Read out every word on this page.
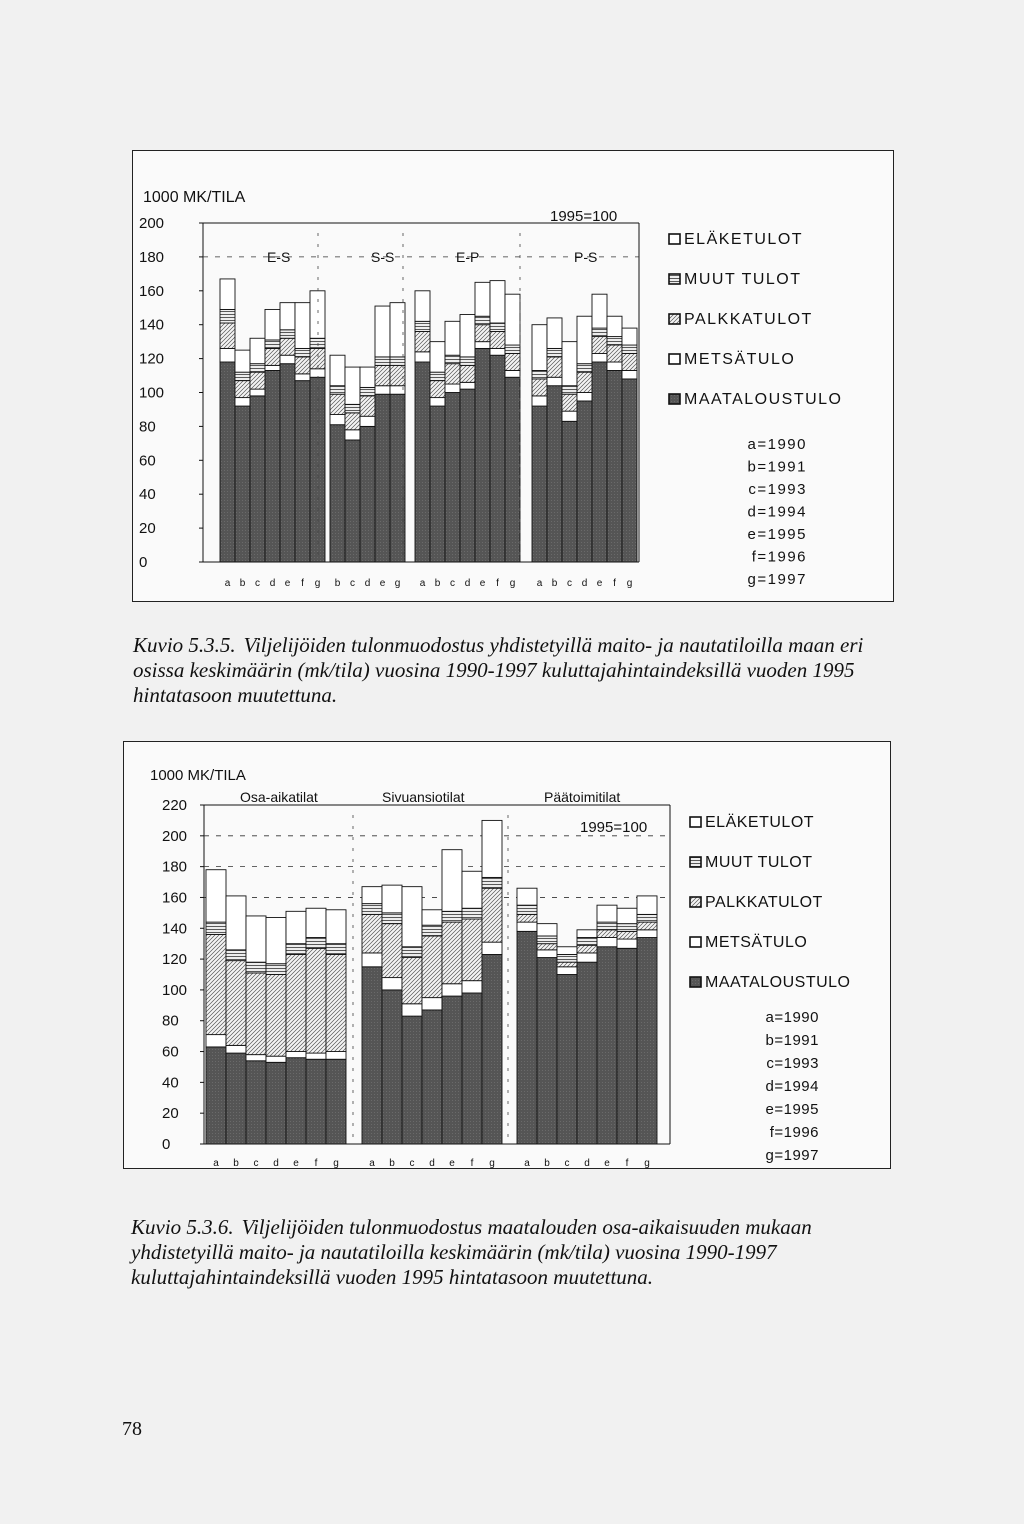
1000 MK/TILA
0
20
40
60
80
100
120
140
160
180
200
E-S
a b c d e f g
S-S
b c d e g
E-P
a b c d e f g
P-S
a b c d e f g
1995=100
ELÄKETULOT
MUUT TULOT
PALKKATULOT
METSÄTULO
MAATALOUSTULO
a=1990
b=1991
c=1993
d=1994
e=1995
f=1996
g=1997
Kuvio 5.3.5. Viljelijöiden tulonmuodostus yhdistetyillä maito- ja nautatiloilla maan eri osissa keskimäärin (mk/tila) vuosina 1990-1997 kuluttajahintaindeksillä vuoden 1995 hintatasoon muutettuna.
1000 MK/TILA
0
20
40
60
80
100
120
140
160
180
200
220	Osa-aikatilat
a b c d e f g
Sivuansiotilat
a b c d e f g
Päätoimitilat
a b c d e f g
1995=100	ELÄKETULOT
MUUT TULOT
PALKKATULOT
METSÄTULO
MAATALOUSTULO
a=1990
b=1991
c=1993
d=1994
e=1995
f=1996
g=1997
Kuvio 5.3.6. Viljelijöiden tulonmuodostus maatalouden osa-aikaisuuden mukaan yhdistetyillä maito- ja nautatiloilla keskimäärin (mk/tila) vuosina 1990-1997 kuluttajahintaindeksillä vuoden 1995 hintatasoon muutettuna.
78
